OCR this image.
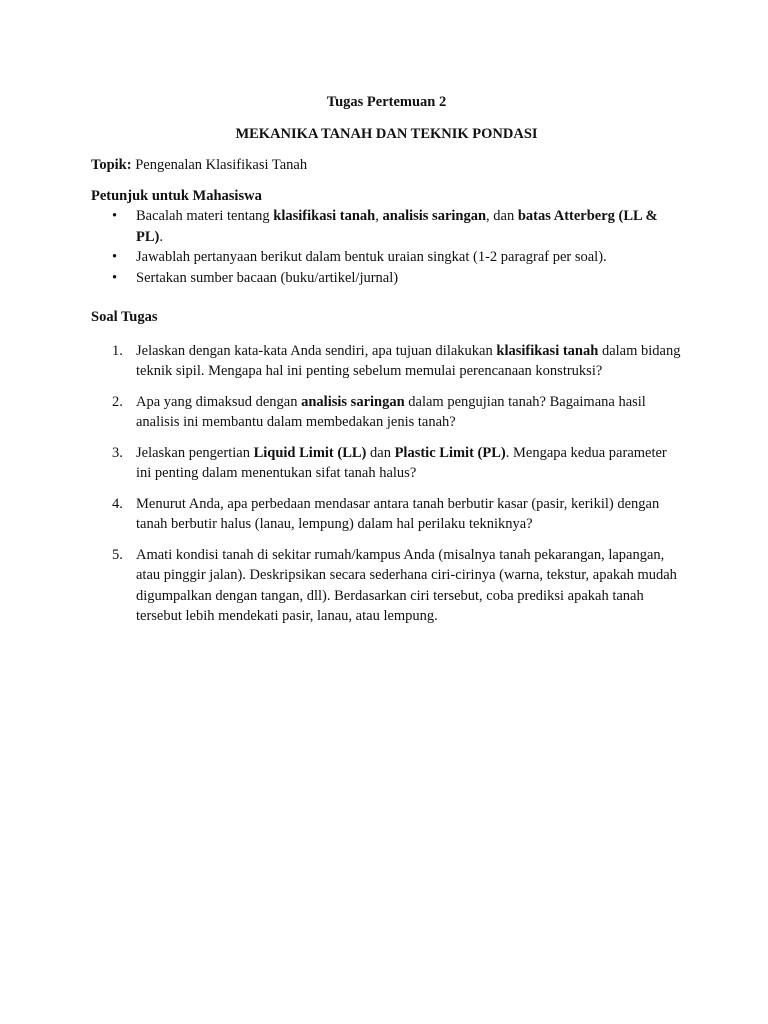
Tugas Pertemuan 2

MEKANIKA TANAH DAN TEKNIK PONDASI

Topik: Pengenalan Klasifikasi Tanah

Petunjuk untuk Mahasiswa

• Bacalah materi tentang klasifikasi tanah, analisis saringan, dan batas Atterberg (LL & PL).
• Jawablah pertanyaan berikut dalam bentuk uraian singkat (1-2 paragraf per soal).
• Sertakan sumber bacaan (buku/artikel/jurnal)

Soal Tugas

1. Jelaskan dengan kata-kata Anda sendiri, apa tujuan dilakukan klasifikasi tanah dalam bidang teknik sipil. Mengapa hal ini penting sebelum memulai perencanaan konstruksi?
2. Apa yang dimaksud dengan analisis saringan dalam pengujian tanah? Bagaimana hasil analisis ini membantu dalam membedakan jenis tanah?
3. Jelaskan pengertian Liquid Limit (LL) dan Plastic Limit (PL). Mengapa kedua parameter ini penting dalam menentukan sifat tanah halus?
4. Menurut Anda, apa perbedaan mendasar antara tanah berbutir kasar (pasir, kerikil) dengan tanah berbutir halus (lanau, lempung) dalam hal perilaku tekniknya?
5. Amati kondisi tanah di sekitar rumah/kampus Anda (misalnya tanah pekarangan, lapangan, atau pinggir jalan). Deskripsikan secara sederhana ciri-cirinya (warna, tekstur, apakah mudah digumpalkan dengan tangan, dll). Berdasarkan ciri tersebut, coba prediksi apakah tanah tersebut lebih mendekati pasir, lanau, atau lempung.
